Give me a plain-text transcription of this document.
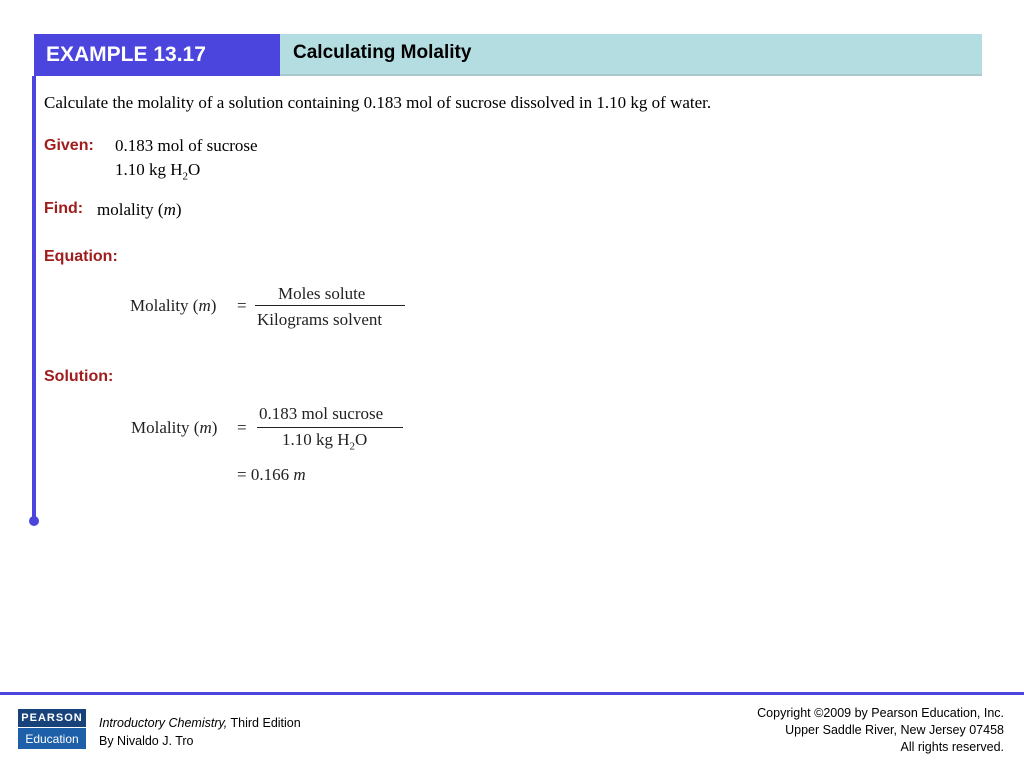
EXAMPLE 13.17	Calculating Molality
Calculate the molality of a solution containing 0.183 mol of sucrose dissolved in 1.10 kg of water.
Given: 0.183 mol of sucrose
1.10 kg $H_2O$
Find: molality (m)
Equation:
Molality (m) =
Moles solute
Kilograms solvent
Solution:
Molality (m) =
0.183 mol sucrose
1.10 kg $H_2O$
= 0.166 m
PEARSON
Education
Introductory Chemistry, Third Edition
By Nivaldo J. Tro
Copyright ©2009 by Pearson Education, Inc.
Upper Saddle River, New Jersey 07458
All rights reserved.
